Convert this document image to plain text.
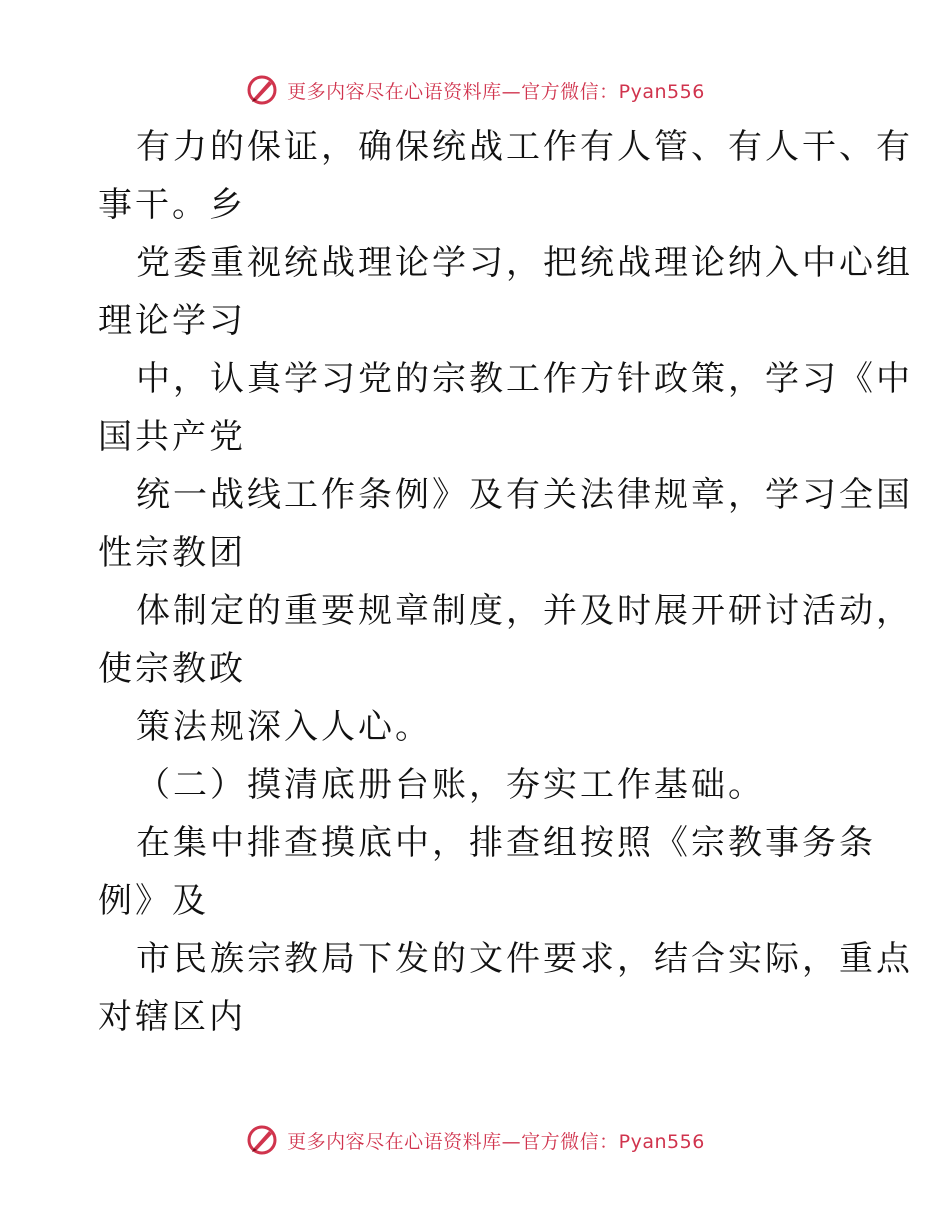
更多内容尽在心语资料库—官方微信：Pyan556
有力的保证，确保统战工作有人管、有人干、有
事干。乡
党委重视统战理论学习，把统战理论纳入中心组
理论学习
中，认真学习党的宗教工作方针政策，学习《中
国共产党
统一战线工作条例》及有关法律规章，学习全国
性宗教团
体制定的重要规章制度，并及时展开研讨活动，
使宗教政
策法规深入人心。
（二）摸清底册台账，夯实工作基础。
在集中排查摸底中，排查组按照《宗教事务条
例》及
市民族宗教局下发的文件要求，结合实际，重点
对辖区内
更多内容尽在心语资料库—官方微信：Pyan556
